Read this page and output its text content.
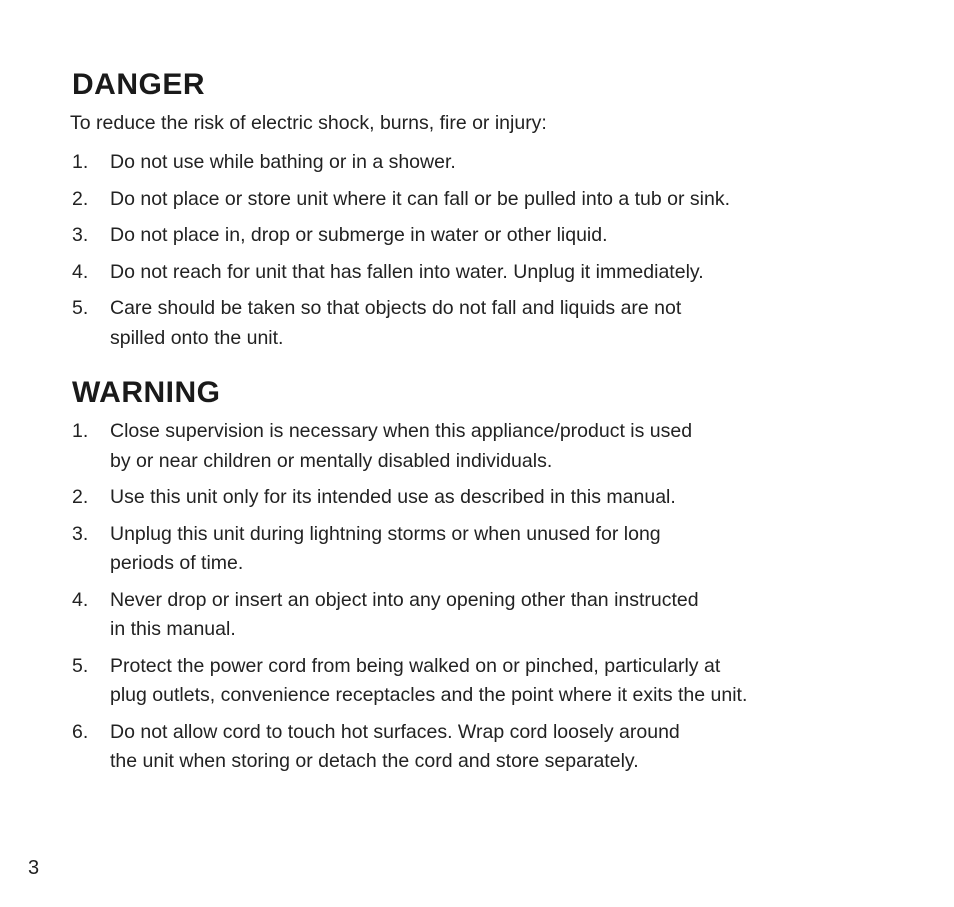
DANGER
To reduce the risk of electric shock, burns, fire or injury:
1.	Do not use while bathing or in a shower.
2.	Do not place or store unit where it can fall or be pulled into a tub or sink.
3.	Do not place in, drop or submerge in water or other liquid.
4.	Do not reach for unit that has fallen into water. Unplug it immediately.
5.	Care should be taken so that objects do not fall and liquids are not
spilled onto the unit.
WARNING
1.	Close supervision is necessary when this appliance/product is used
by or near children or mentally disabled individuals.
2.	Use this unit only for its intended use as described in this manual.
3.	Unplug this unit during lightning storms or when unused for long
periods of time.
4.	Never drop or insert an object into any opening other than instructed
in this manual.
5.	Protect the power cord from being walked on or pinched, particularly at
plug outlets, convenience receptacles and the point where it exits the unit.
6.	Do not allow cord to touch hot surfaces. Wrap cord loosely around
the unit when storing or detach the cord and store separately.
3
